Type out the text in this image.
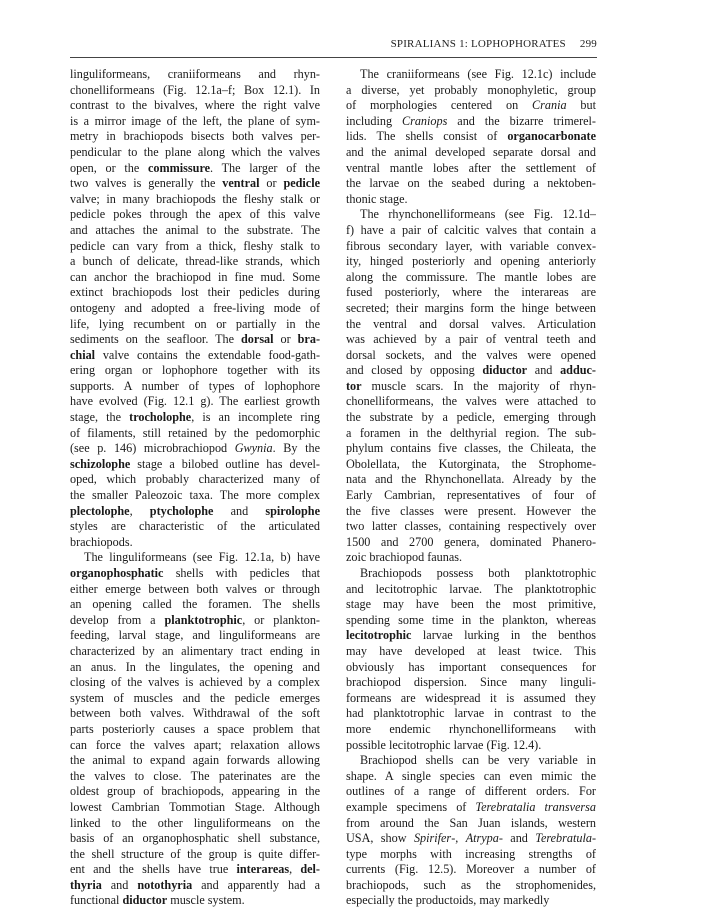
SPIRALIANS 1: LOPHOPHORATES 299
linguliformeans, craniiformeans and rhyn-
chonelliformeans (Fig. 12.1a–f; Box 12.1). In
contrast to the bivalves, where the right valve
is a mirror image of the left, the plane of sym-
metry in brachiopods bisects both valves per-
pendicular to the plane along which the valves
open, or the commissure. The larger of the
two valves is generally the ventral or pedicle
valve; in many brachiopods the fleshy stalk or
pedicle pokes through the apex of this valve
and attaches the animal to the substrate. The
pedicle can vary from a thick, fleshy stalk to
a bunch of delicate, thread-like strands, which
can anchor the brachiopod in fine mud. Some
extinct brachiopods lost their pedicles during
ontogeny and adopted a free-living mode of
life, lying recumbent on or partially in the
sediments on the seafloor. The dorsal or bra-
chial valve contains the extendable food-gath-
ering organ or lophophore together with its
supports. A number of types of lophophore
have evolved (Fig. 12.1 g). The earliest growth
stage, the trocholophe, is an incomplete ring
of filaments, still retained by the pedomorphic
(see p. 146) microbrachiopod Gwynia. By the
schizolophe stage a bilobed outline has devel-
oped, which probably characterized many of
the smaller Paleozoic taxa. The more complex
plectolophe, ptycholophe and spirolophe
styles are characteristic of the articulated
brachiopods.
The linguliformeans (see Fig. 12.1a, b) have
organophosphatic shells with pedicles that
either emerge between both valves or through
an opening called the foramen. The shells
develop from a planktotrophic, or plankton-
feeding, larval stage, and linguliformeans are
characterized by an alimentary tract ending in
an anus. In the lingulates, the opening and
closing of the valves is achieved by a complex
system of muscles and the pedicle emerges
between both valves. Withdrawal of the soft
parts posteriorly causes a space problem that
can force the valves apart; relaxation allows
the animal to expand again forwards allowing
the valves to close. The paterinates are the
oldest group of brachiopods, appearing in the
lowest Cambrian Tommotian Stage. Although
linked to the other linguliformeans on the
basis of an organophosphatic shell substance,
the shell structure of the group is quite differ-
ent and the shells have true interareas, del-
thyria and notothyria and apparently had a
functional diductor muscle system.
The craniiformeans (see Fig. 12.1c) include
a diverse, yet probably monophyletic, group
of morphologies centered on Crania but
including Craniops and the bizarre trimerel-
lids. The shells consist of organocarbonate
and the animal developed separate dorsal and
ventral mantle lobes after the settlement of
the larvae on the seabed during a nektoben-
thonic stage.
The rhynchonelliformeans (see Fig. 12.1d–
f) have a pair of calcitic valves that contain a
fibrous secondary layer, with variable convex-
ity, hinged posteriorly and opening anteriorly
along the commissure. The mantle lobes are
fused posteriorly, where the interareas are
secreted; their margins form the hinge between
the ventral and dorsal valves. Articulation
was achieved by a pair of ventral teeth and
dorsal sockets, and the valves were opened
and closed by opposing diductor and adduc-
tor muscle scars. In the majority of rhyn-
chonelliformeans, the valves were attached to
the substrate by a pedicle, emerging through
a foramen in the delthyrial region. The sub-
phylum contains five classes, the Chileata, the
Obolellata, the Kutorginata, the Strophome-
nata and the Rhynchonellata. Already by the
Early Cambrian, representatives of four of
the five classes were present. However the
two latter classes, containing respectively over
1500 and 2700 genera, dominated Phanero-
zoic brachiopod faunas.
Brachiopods possess both planktotrophic
and lecitotrophic larvae. The planktotrophic
stage may have been the most primitive,
spending some time in the plankton, whereas
lecitotrophic larvae lurking in the benthos
may have developed at least twice. This
obviously has important consequences for
brachiopod dispersion. Since many linguli-
formeans are widespread it is assumed they
had planktotrophic larvae in contrast to the
more endemic rhynchonelliformeans with
possible lecitotrophic larvae (Fig. 12.4).
Brachiopod shells can be very variable in
shape. A single species can even mimic the
outlines of a range of different orders. For
example specimens of Terebratalia transversa
from around the San Juan islands, western
USA, show Spirifer-, Atrypa- and Terebratula-
type morphs with increasing strengths of
currents (Fig. 12.5). Moreover a number of
brachiopods, such as the strophomenides,
especially the productoids, may markedly
